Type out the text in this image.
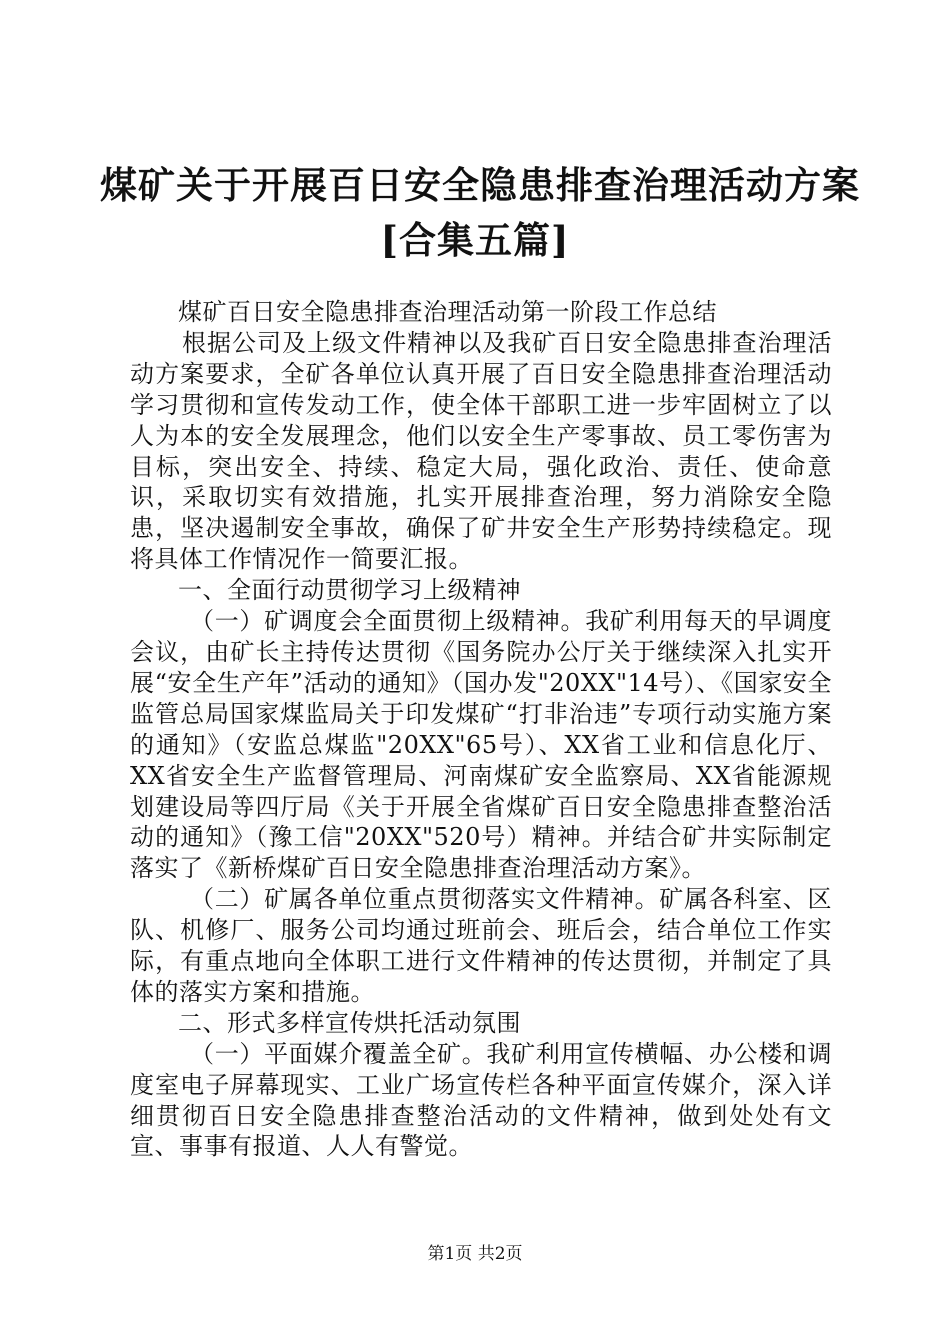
煤矿关于开展百日安全隐患排查治理活动方案
[合集五篇]

煤矿百日安全隐患排查治理活动第一阶段工作总结

根据公司及上级文件精神以及我矿百日安全隐患排查治理活动方案要求，全矿各单位认真开展了百日安全隐患排查治理活动学习贯彻和宣传发动工作，使全体干部职工进一步牢固树立了以人为本的安全发展理念，他们以安全生产零事故、员工零伤害为目标，突出安全、持续、稳定大局，强化政治、责任、使命意识，采取切实有效措施，扎实开展排查治理，努力消除安全隐患，坚决遏制安全事故，确保了矿井安全生产形势持续稳定。现将具体工作情况作一简要汇报。

一、全面行动贯彻学习上级精神

（一）矿调度会全面贯彻上级精神。我矿利用每天的早调度会议，由矿长主持传达贯彻《国务院办公厅关于继续深入扎实开展“安全生产年”活动的通知》（国办发"20XX"14号）、《国家安全监管总局国家煤监局关于印发煤矿“打非治违”专项行动实施方案的通知》（安监总煤监"20XX"65号）、XX省工业和信息化厅、XX省安全生产监督管理局、河南煤矿安全监察局、XX省能源规划建设局等四厅局《关于开展全省煤矿百日安全隐患排查整治活动的通知》（豫工信"20XX"520号）精神。并结合矿井实际制定落实了《新桥煤矿百日安全隐患排查治理活动方案》。

（二）矿属各单位重点贯彻落实文件精神。矿属各科室、区队、机修厂、服务公司均通过班前会、班后会，结合单位工作实际，有重点地向全体职工进行文件精神的传达贯彻，并制定了具体的落实方案和措施。

二、形式多样宣传烘托活动氛围

（一）平面媒介覆盖全矿。我矿利用宣传横幅、办公楼和调度室电子屏幕现实、工业广场宣传栏各种平面宣传媒介，深入详细贯彻百日安全隐患排查整治活动的文件精神，做到处处有文宣、事事有报道、人人有警觉。

第1页 共2页
